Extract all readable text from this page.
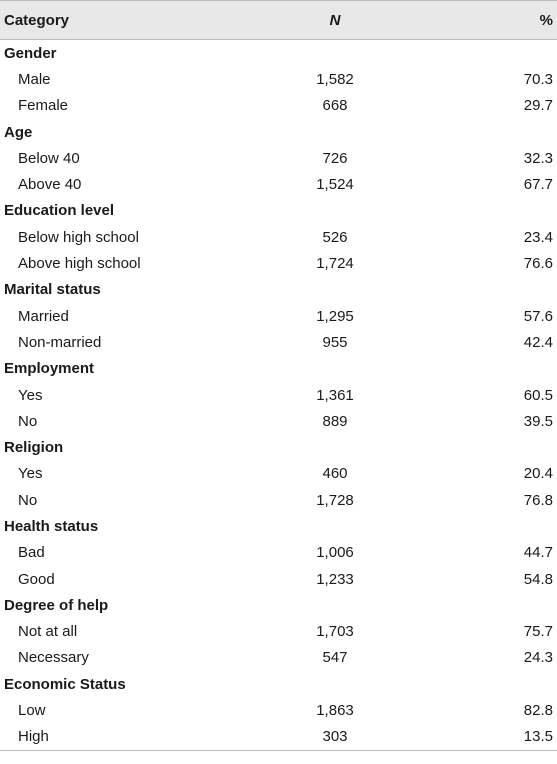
Category	N	%
Gender
Male	1,582	70.3
Female	668	29.7
Age
Below 40	726	32.3
Above 40	1,524	67.7
Education level
Below high school	526	23.4
Above high school	1,724	76.6
Marital status
Married	1,295	57.6
Non-married	955	42.4
Employment
Yes	1,361	60.5
No	889	39.5
Religion
Yes	460	20.4
No	1,728	76.8
Health status
Bad	1,006	44.7
Good	1,233	54.8
Degree of help
Not at all	1,703	75.7
Necessary	547	24.3
Economic Status
Low	1,863	82.8
High	303	13.5
